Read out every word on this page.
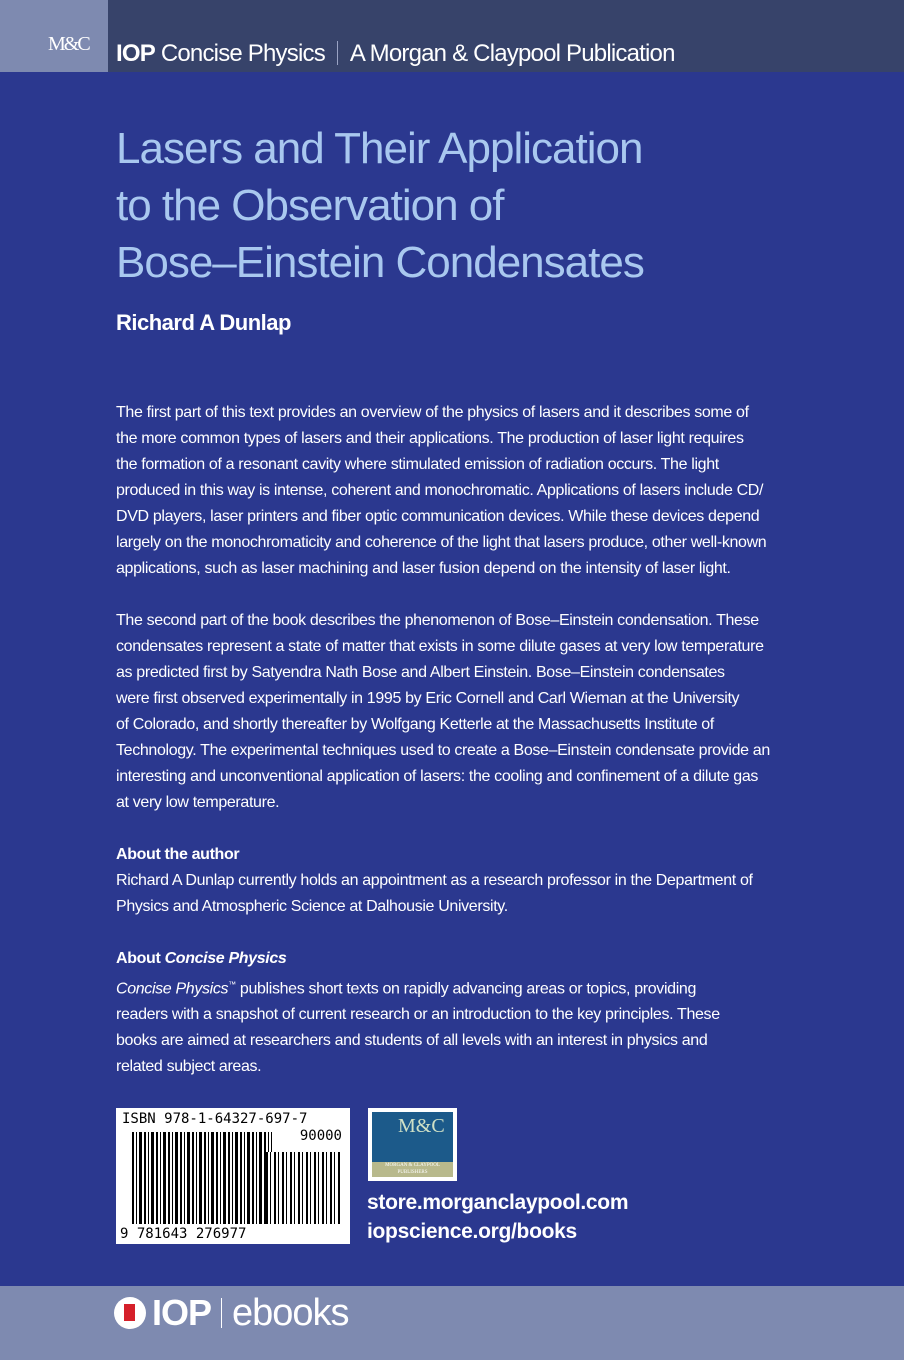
M&C IOP Concise Physics A Morgan & Claypool Publication
Lasers and Their Application
to the Observation of
Bose–Einstein Condensates
Richard A Dunlap

The first part of this text provides an overview of the physics of lasers and it describes some of
the more common types of lasers and their applications. The production of laser light requires
the formation of a resonant cavity where stimulated emission of radiation occurs. The light
produced in this way is intense, coherent and monochromatic. Applications of lasers include CD/
DVD players, laser printers and fiber optic communication devices. While these devices depend
largely on the monochromaticity and coherence of the light that lasers produce, other well-known
applications, such as laser machining and laser fusion depend on the intensity of laser light.

The second part of the book describes the phenomenon of Bose–Einstein condensation. These
condensates represent a state of matter that exists in some dilute gases at very low temperature
as predicted first by Satyendra Nath Bose and Albert Einstein. Bose–Einstein condensates
were first observed experimentally in 1995 by Eric Cornell and Carl Wieman at the University
of Colorado, and shortly thereafter by Wolfgang Ketterle at the Massachusetts Institute of
Technology. The experimental techniques used to create a Bose–Einstein condensate provide an
interesting and unconventional application of lasers: the cooling and confinement of a dilute gas
at very low temperature.

About the author
Richard A Dunlap currently holds an appointment as a research professor in the Department of
Physics and Atmospheric Science at Dalhousie University.

About Concise Physics
Concise Physics™ publishes short texts on rapidly advancing areas or topics, providing
readers with a snapshot of current research or an introduction to the key principles. These
books are aimed at researchers and students of all levels with an interest in physics and
related subject areas.

ISBN 978-1-64327-697-7
90000
9 781643 276977
M&C
MORGAN & CLAYPOOL
PUBLISHERS
store.morganclaypool.com
iopscience.org/books
IOP ebooks
